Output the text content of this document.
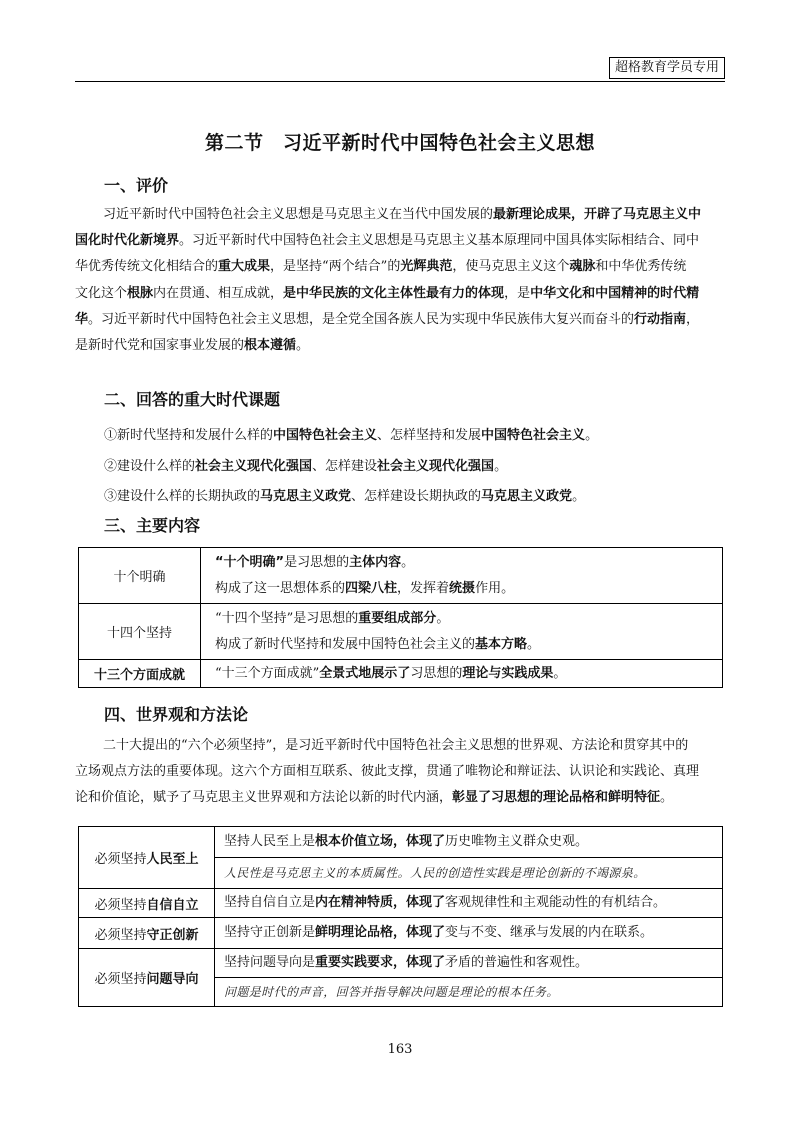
超格教育学员专用
第二节　习近平新时代中国特色社会主义思想
一、评价
习近平新时代中国特色社会主义思想是马克思主义在当代中国发展的最新理论成果，开辟了马克思主义中
国化时代化新境界。习近平新时代中国特色社会主义思想是马克思主义基本原理同中国具体实际相结合、同中
华优秀传统文化相结合的重大成果，是坚持“两个结合”的光辉典范，使马克思主义这个魂脉和中华优秀传统
文化这个根脉内在贯通、相互成就，是中华民族的文化主体性最有力的体现，是中华文化和中国精神的时代精
华。习近平新时代中国特色社会主义思想，是全党全国各族人民为实现中华民族伟大复兴而奋斗的行动指南，
是新时代党和国家事业发展的根本遵循。
二、回答的重大时代课题
①新时代坚持和发展什么样的中国特色社会主义、怎样坚持和发展中国特色社会主义。
②建设什么样的社会主义现代化强国、怎样建设社会主义现代化强国。
③建设什么样的长期执政的马克思主义政党、怎样建设长期执政的马克思主义政党。
三、主要内容
十个明确	“十个明确”是习思想的主体内容。
构成了这一思想体系的四梁八柱，发挥着统摄作用。

十四个坚持	“十四个坚持”是习思想的重要组成部分。
构成了新时代坚持和发展中国特色社会主义的基本方略。

十三个方面成就	“十三个方面成就”全景式地展示了习思想的理论与实践成果。
四、世界观和方法论
二十大提出的“六个必须坚持”，是习近平新时代中国特色社会主义思想的世界观、方法论和贯穿其中的
立场观点方法的重要体现。这六个方面相互联系、彼此支撑，贯通了唯物论和辩证法、认识论和实践论、真理
论和价值论，赋予了马克思主义世界观和方法论以新的时代内涵，彰显了习思想的理论品格和鲜明特征。
必须坚持人民至上	坚持人民至上是根本价值立场，体现了历史唯物主义群众史观。
	人民性是马克思主义的本质属性。人民的创造性实践是理论创新的不竭源泉。
必须坚持自信自立	坚持自信自立是内在精神特质，体现了客观规律性和主观能动性的有机结合。
必须坚持守正创新	坚持守正创新是鲜明理论品格，体现了变与不变、继承与发展的内在联系。
必须坚持问题导向	坚持问题导向是重要实践要求，体现了矛盾的普遍性和客观性。
	问题是时代的声音，回答并指导解决问题是理论的根本任务。
163
